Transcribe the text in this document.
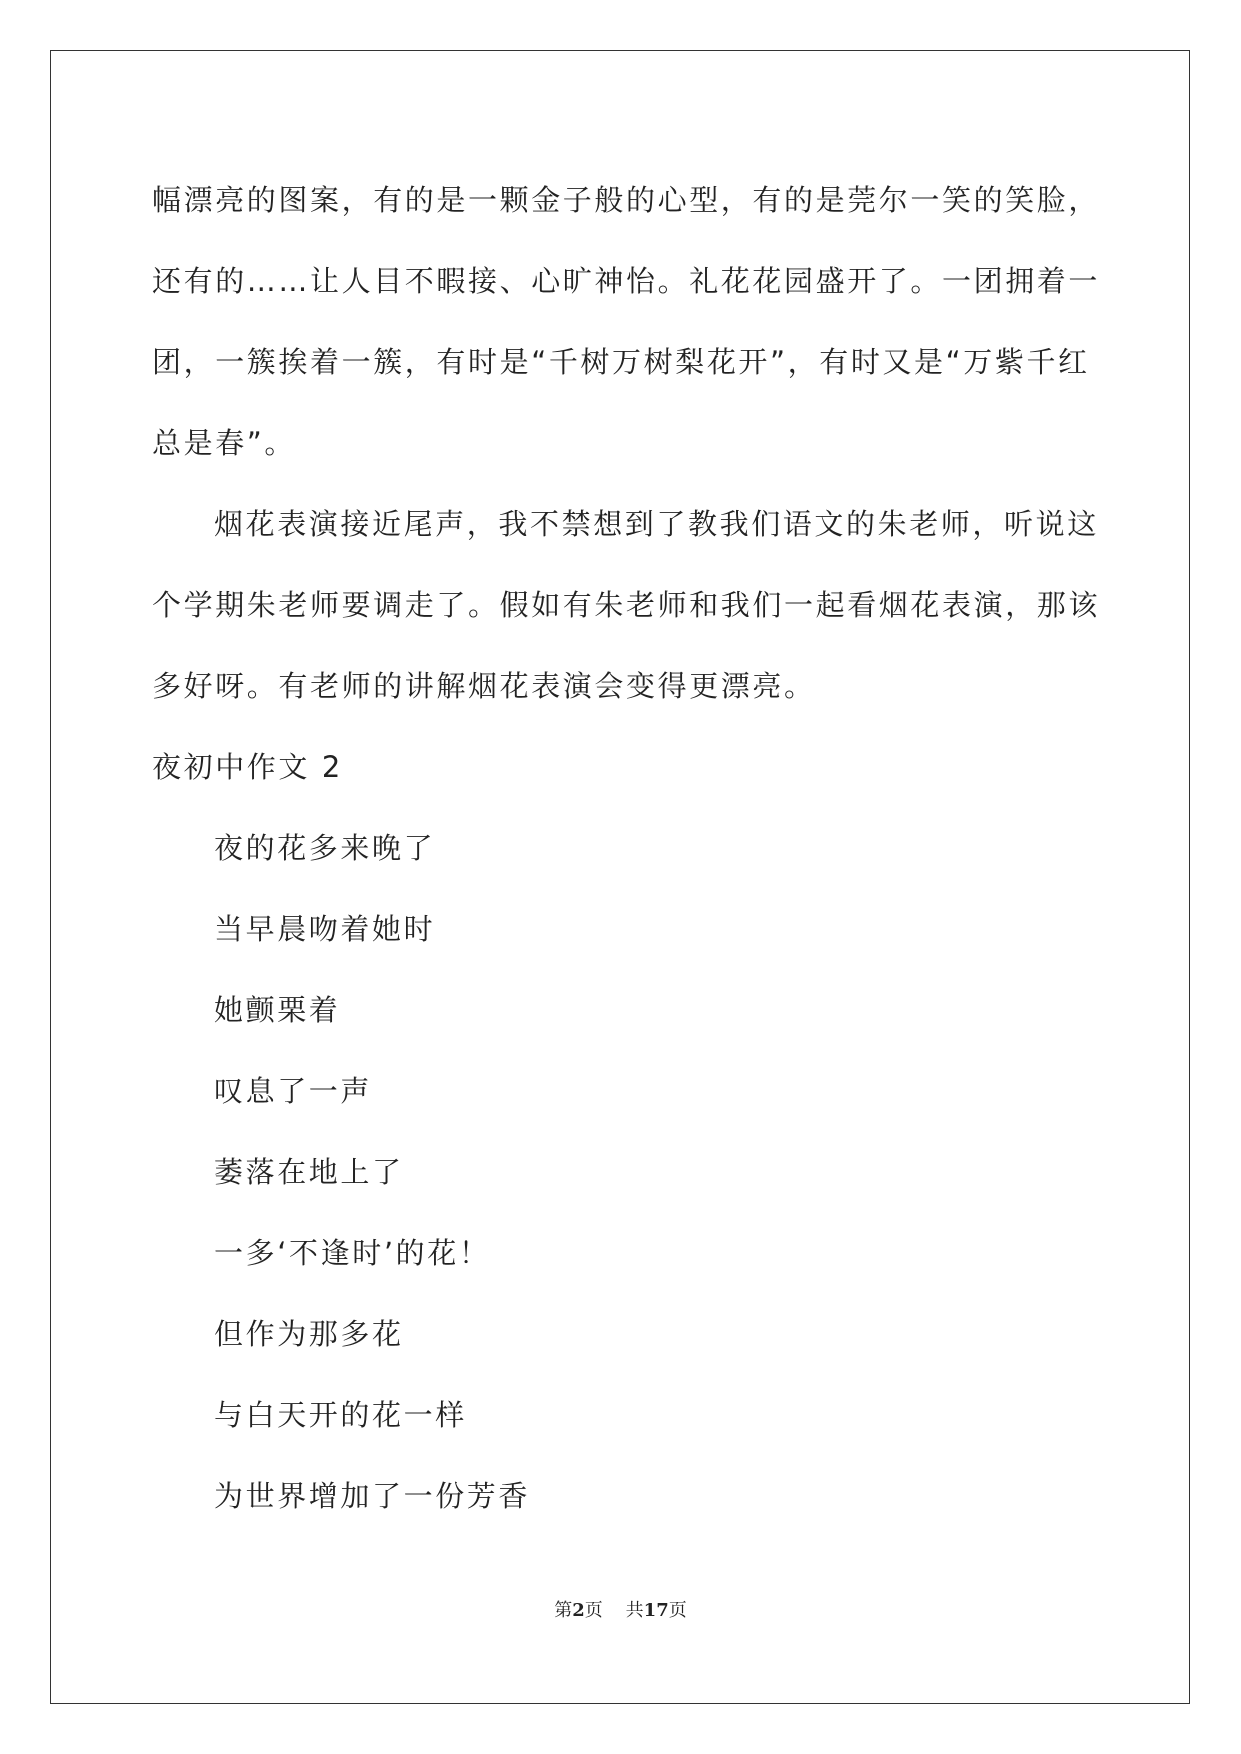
幅漂亮的图案，有的是一颗金子般的心型，有的是莞尔一笑的笑脸，
还有的……让人目不暇接、心旷神怡。礼花花园盛开了。一团拥着一
团，一簇挨着一簇，有时是“千树万树梨花开”，有时又是“万紫千红
总是春”。
烟花表演接近尾声，我不禁想到了教我们语文的朱老师，听说这
个学期朱老师要调走了。假如有朱老师和我们一起看烟花表演，那该
多好呀。有老师的讲解烟花表演会变得更漂亮。

夜初中作文 2

夜的花多来晚了

当早晨吻着她时

她颤栗着

叹息了一声

萎落在地上了

一多‘不逢时’的花！

但作为那多花

与白天开的花一样

为世界增加了一份芳香

第2页 共17页
